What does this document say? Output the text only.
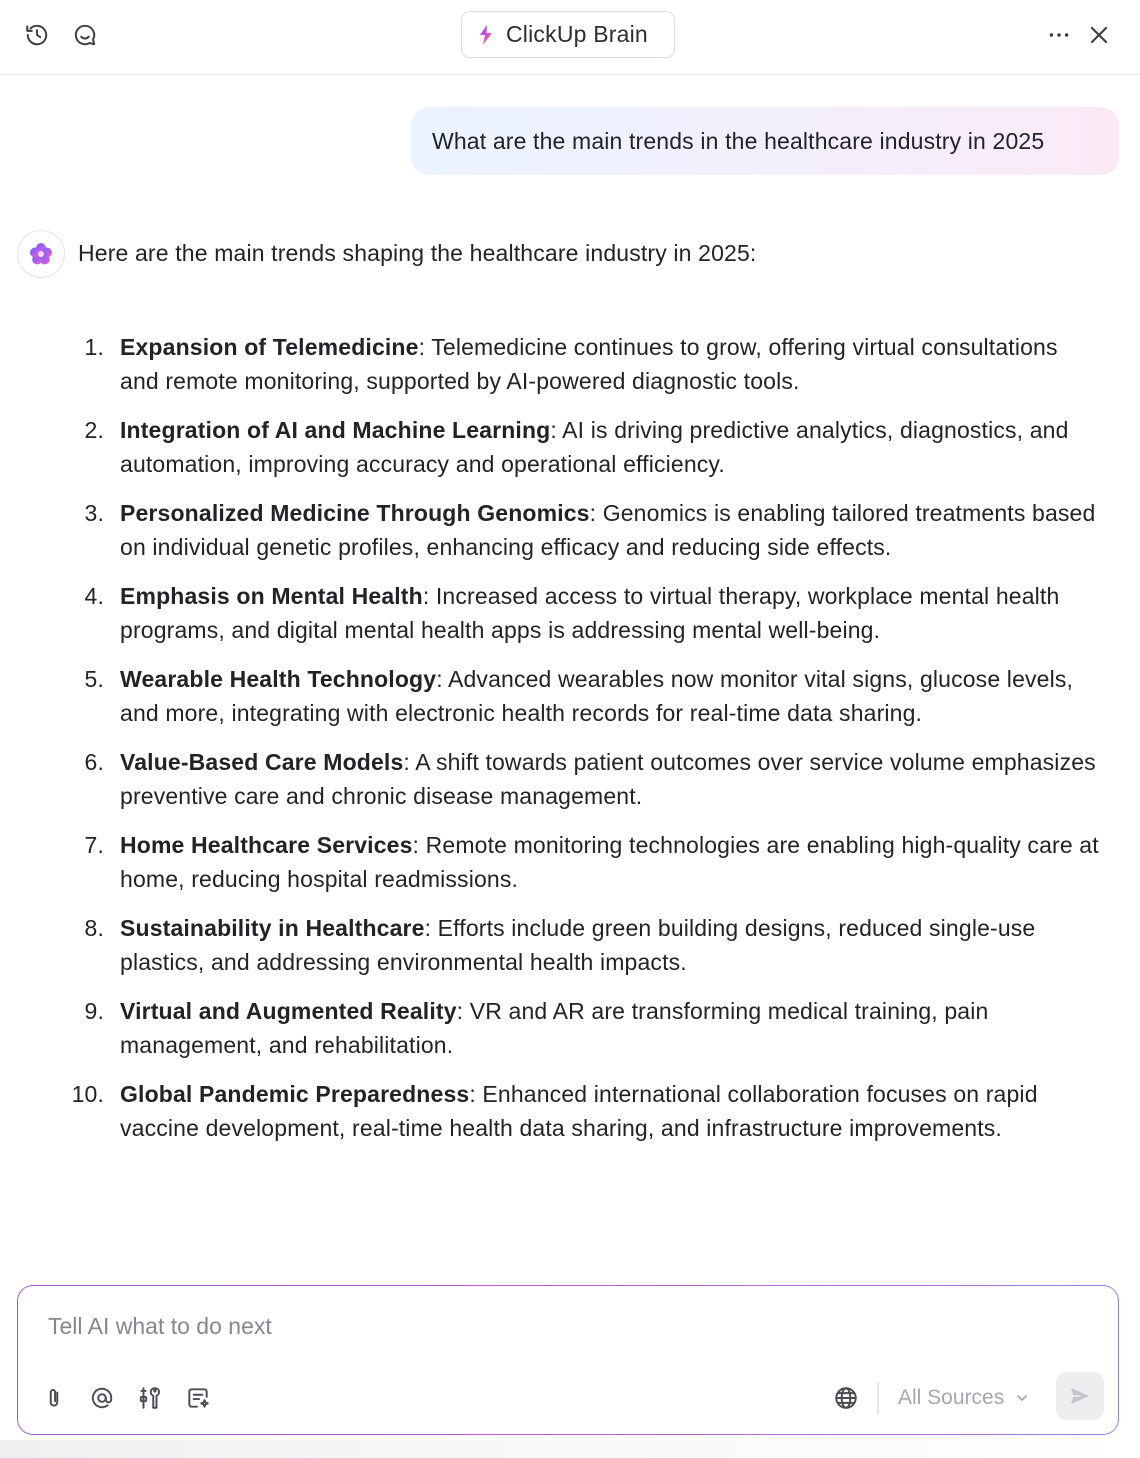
ClickUp Brain
What are the main trends in the healthcare industry in 2025
Here are the main trends shaping the healthcare industry in 2025:
1. Expansion of Telemedicine: Telemedicine continues to grow, offering virtual consultations and remote monitoring, supported by AI-powered diagnostic tools.
2. Integration of AI and Machine Learning: AI is driving predictive analytics, diagnostics, and automation, improving accuracy and operational efficiency.
3. Personalized Medicine Through Genomics: Genomics is enabling tailored treatments based on individual genetic profiles, enhancing efficacy and reducing side effects.
4. Emphasis on Mental Health: Increased access to virtual therapy, workplace mental health programs, and digital mental health apps is addressing mental well-being.
5. Wearable Health Technology: Advanced wearables now monitor vital signs, glucose levels, and more, integrating with electronic health records for real-time data sharing.
6. Value-Based Care Models: A shift towards patient outcomes over service volume emphasizes preventive care and chronic disease management.
7. Home Healthcare Services: Remote monitoring technologies are enabling high-quality care at home, reducing hospital readmissions.
8. Sustainability in Healthcare: Efforts include green building designs, reduced single-use plastics, and addressing environmental health impacts.
9. Virtual and Augmented Reality: VR and AR are transforming medical training, pain management, and rehabilitation.
10. Global Pandemic Preparedness: Enhanced international collaboration focuses on rapid vaccine development, real-time health data sharing, and infrastructure improvements.
Tell AI what to do next
All Sources
